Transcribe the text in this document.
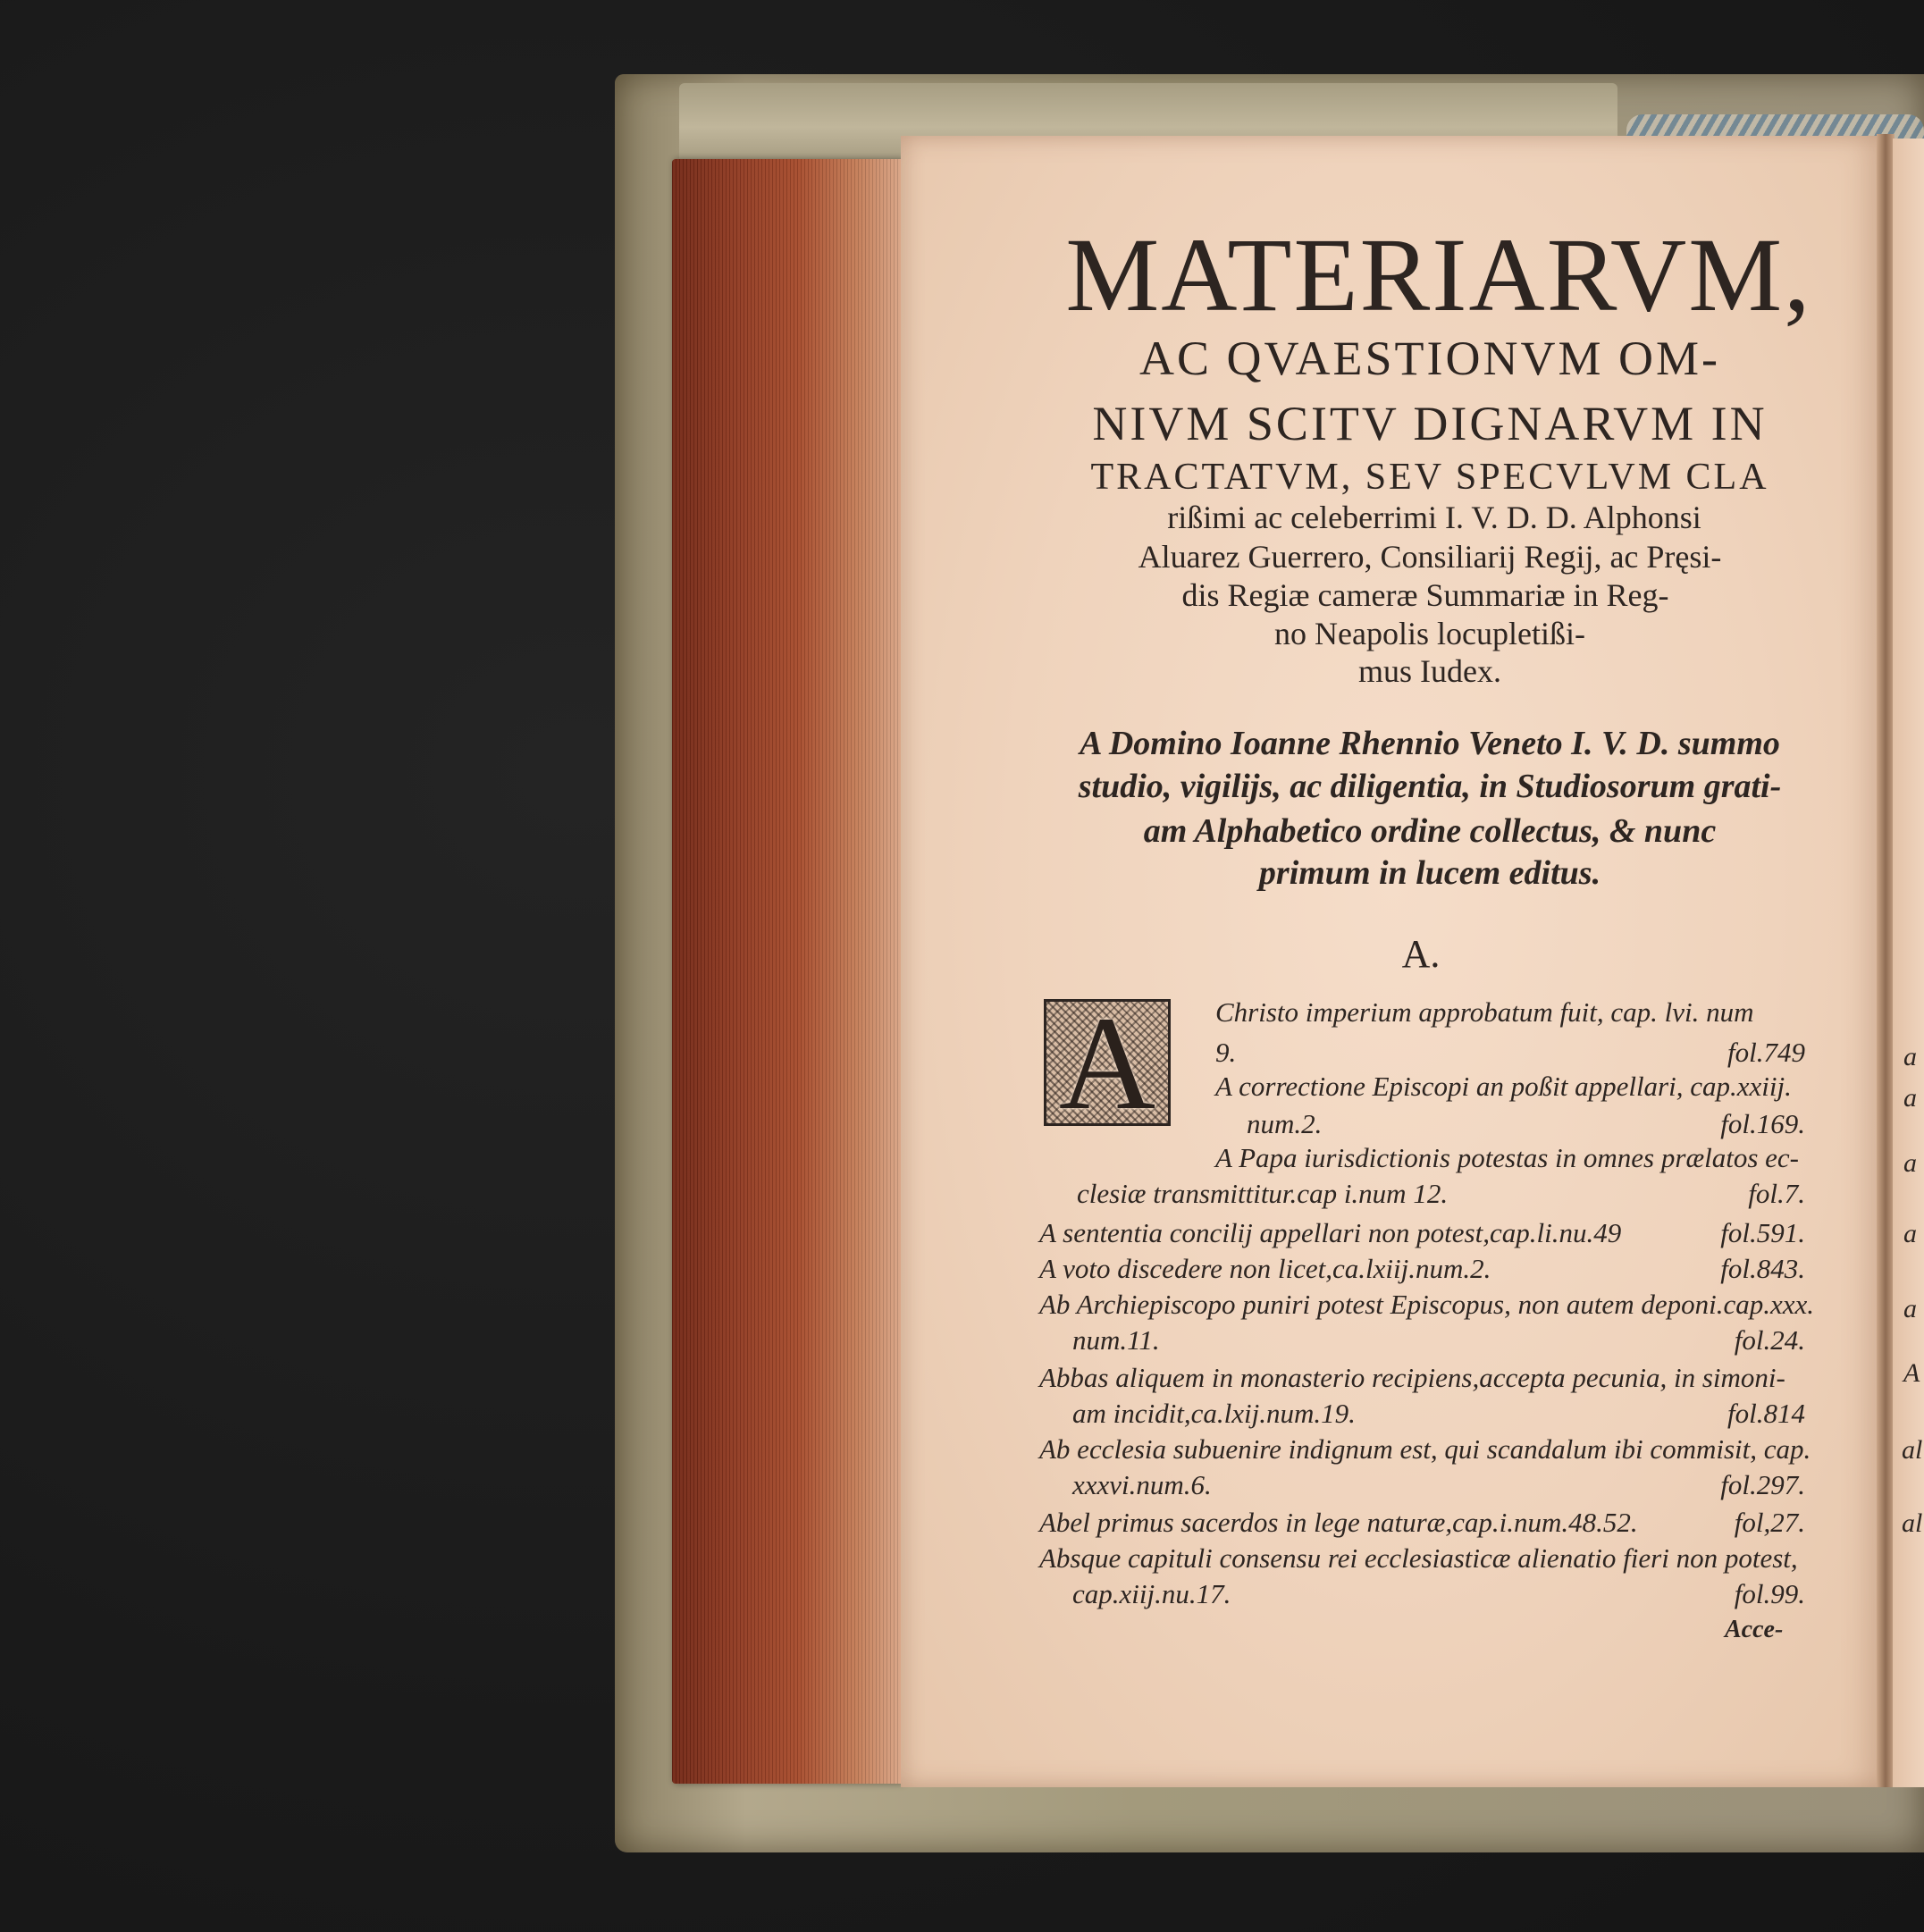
MATERIARVM,
AC QVAESTIONVM OM-
NIVM SCITV DIGNARVM IN
TRACTATVM, SEV SPECVLVM CLA
rißimi ac celeberrimi I. V. D. D. Alphonsi
Aluarez Guerrero, Consiliarij Regij, ac Pręsi-
dis Regiæ cameræ Summariæ in Reg-
no Neapolis locupletißi-
mus Iudex.
A Domino Ioanne Rhennio Veneto I. V. D. summo
studio, vigilijs, ac diligentia, in Studiosorum grati-
am Alphabetico ordine collectus, & nunc
primum in lucem editus.
A.
A	Christo imperium approbatum fuit, cap. lvi. num
9.	fol.749
A correctione Episcopi an poßit appellari, cap.xxiij.
num.2.	fol.169.
A Papa iurisdictionis potestas in omnes prælatos ec-
clesiæ transmittitur.cap i.num 12.	fol.7.
A sententia concilij appellari non potest,cap.li.nu.49	fol.591.
A voto discedere non licet,ca.lxiij.num.2.	fol.843.
Ab Archiepiscopo puniri potest Episcopus, non autem deponi.cap.xxx.
num.11.	fol.24.
Abbas aliquem in monasterio recipiens,accepta pecunia, in simoni-
am incidit,ca.lxij.num.19.	fol.814
Ab ecclesia subuenire indignum est, qui scandalum ibi commisit, cap.
xxxvi.num.6.	fol.297.
Abel primus sacerdos in lege naturæ,cap.i.num.48.52.	fol,27.
Absque capituli consensu rei ecclesiasticæ alienatio fieri non potest,
cap.xiij.nu.17.	fol.99.
Acce-
a
a
a
a
a
A
al
al
